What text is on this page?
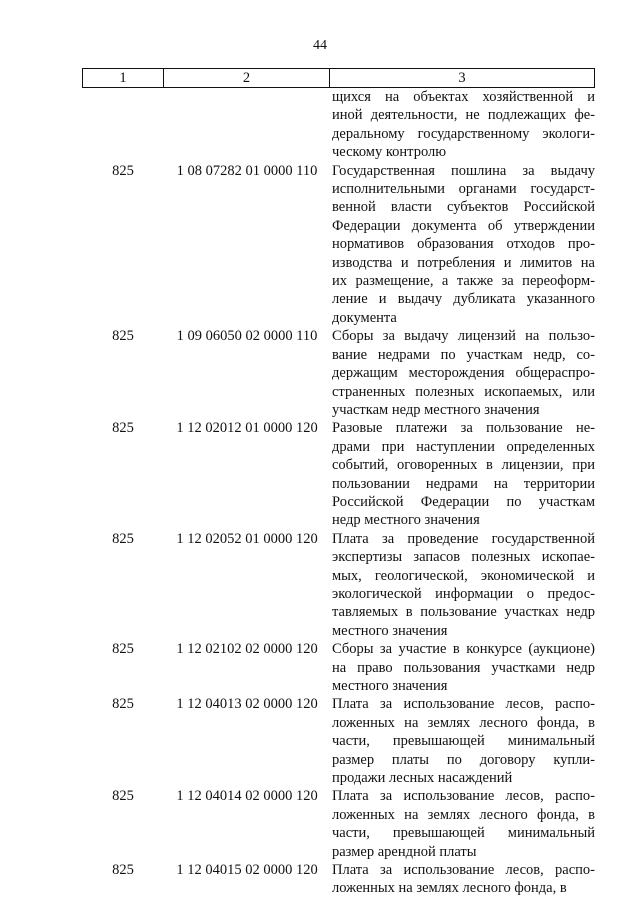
44
1	2	3
щихся на объектах хозяйственной и
иной деятельности, не подлежащих фе-
деральному государственному экологи-
ческому контролю
825	1 08 07282 01 0000 110	Государственная пошлина за выдачу
исполнительными органами государст-
венной власти субъектов Российской
Федерации документа об утверждении
нормативов образования отходов про-
изводства и потребления и лимитов на
их размещение, а также за переоформ-
ление и выдачу дубликата указанного
документа
825	1 09 06050 02 0000 110	Сборы за выдачу лицензий на пользо-
вание недрами по участкам недр, со-
держащим месторождения общераспро-
страненных полезных ископаемых, или
участкам недр местного значения
825	1 12 02012 01 0000 120 Разовые платежи за пользование не-
драми при наступлении определенных
событий, оговоренных в лицензии, при
пользовании недрами на территории
Российской Федерации по участкам
недр местного значения
825	1 12 02052 01 0000 120 Плата за проведение государственной
экспертизы запасов полезных ископае-
мых, геологической, экономической и
экологической информации о предос-
тавляемых в пользование участках недр
местного значения
825	1 12 02102 02 0000 120 Сборы за участие в конкурсе (аукционе)
на право пользования участками недр
местного значения
825	1 12 04013 02 0000 120 Плата за использование лесов, распо-
ложенных на землях лесного фонда, в
части, превышающей минимальный
размер платы по договору купли-
продажи лесных насаждений
825	1 12 04014 02 0000 120 Плата за использование лесов, распо-
ложенных на землях лесного фонда, в
части, превышающей минимальный
размер арендной платы
825	1 12 04015 02 0000 120 Плата за использование лесов, распо-
ложенных на землях лесного фонда, в
